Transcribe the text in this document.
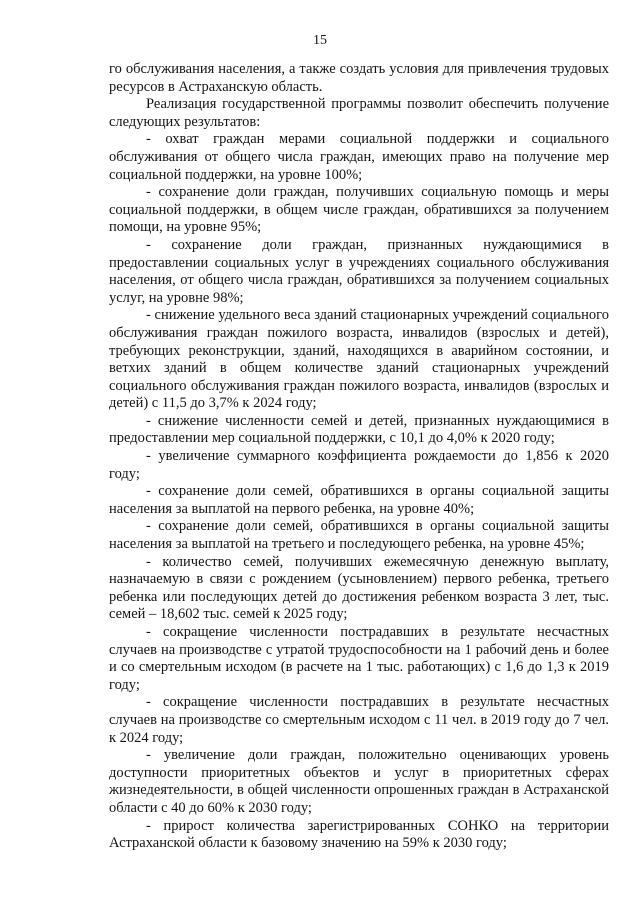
15

го обслуживания населения, а также создать условия для привлечения трудовых ресурсов в Астраханскую область.

Реализация государственной программы позволит обеспечить получение следующих результатов:

- охват граждан мерами социальной поддержки и социального обслуживания от общего числа граждан, имеющих право на получение мер социальной поддержки, на уровне 100%;

- сохранение доли граждан, получивших социальную помощь и меры социальной поддержки, в общем числе граждан, обратившихся за получением помощи, на уровне 95%;

- сохранение доли граждан, признанных нуждающимися в предоставлении социальных услуг в учреждениях социального обслуживания населения, от общего числа граждан, обратившихся за получением социальных услуг, на уровне 98%;

- снижение удельного веса зданий стационарных учреждений социального обслуживания граждан пожилого возраста, инвалидов (взрослых и детей), требующих реконструкции, зданий, находящихся в аварийном состоянии, и ветхих зданий в общем количестве зданий стационарных учреждений социального обслуживания граждан пожилого возраста, инвалидов (взрослых и детей) с 11,5 до 3,7% к 2024 году;

- снижение численности семей и детей, признанных нуждающимися в предоставлении мер социальной поддержки, с 10,1 до 4,0% к 2020 году;

- увеличение суммарного коэффициента рождаемости до 1,856 к 2020 году;

- сохранение доли семей, обратившихся в органы социальной защиты населения за выплатой на первого ребенка, на уровне 40%;

- сохранение доли семей, обратившихся в органы социальной защиты населения за выплатой на третьего и последующего ребенка, на уровне 45%;

- количество семей, получивших ежемесячную денежную выплату, назначаемую в связи с рождением (усыновлением) первого ребенка, третьего ребенка или последующих детей до достижения ребенком возраста 3 лет, тыс. семей – 18,602 тыс. семей к 2025 году;

- сокращение численности пострадавших в результате несчастных случаев на производстве с утратой трудоспособности на 1 рабочий день и более и со смертельным исходом (в расчете на 1 тыс. работающих) с 1,6 до 1,3 к 2019 году;

- сокращение численности пострадавших в результате несчастных случаев на производстве со смертельным исходом с 11 чел. в 2019 году до 7 чел. к 2024 году;

- увеличение доли граждан, положительно оценивающих уровень доступности приоритетных объектов и услуг в приоритетных сферах жизнедеятельности, в общей численности опрошенных граждан в Астраханской области с 40 до 60% к 2030 году;

- прирост количества зарегистрированных СОНКО на территории Астраханской области к базовому значению на 59% к 2030 году;
